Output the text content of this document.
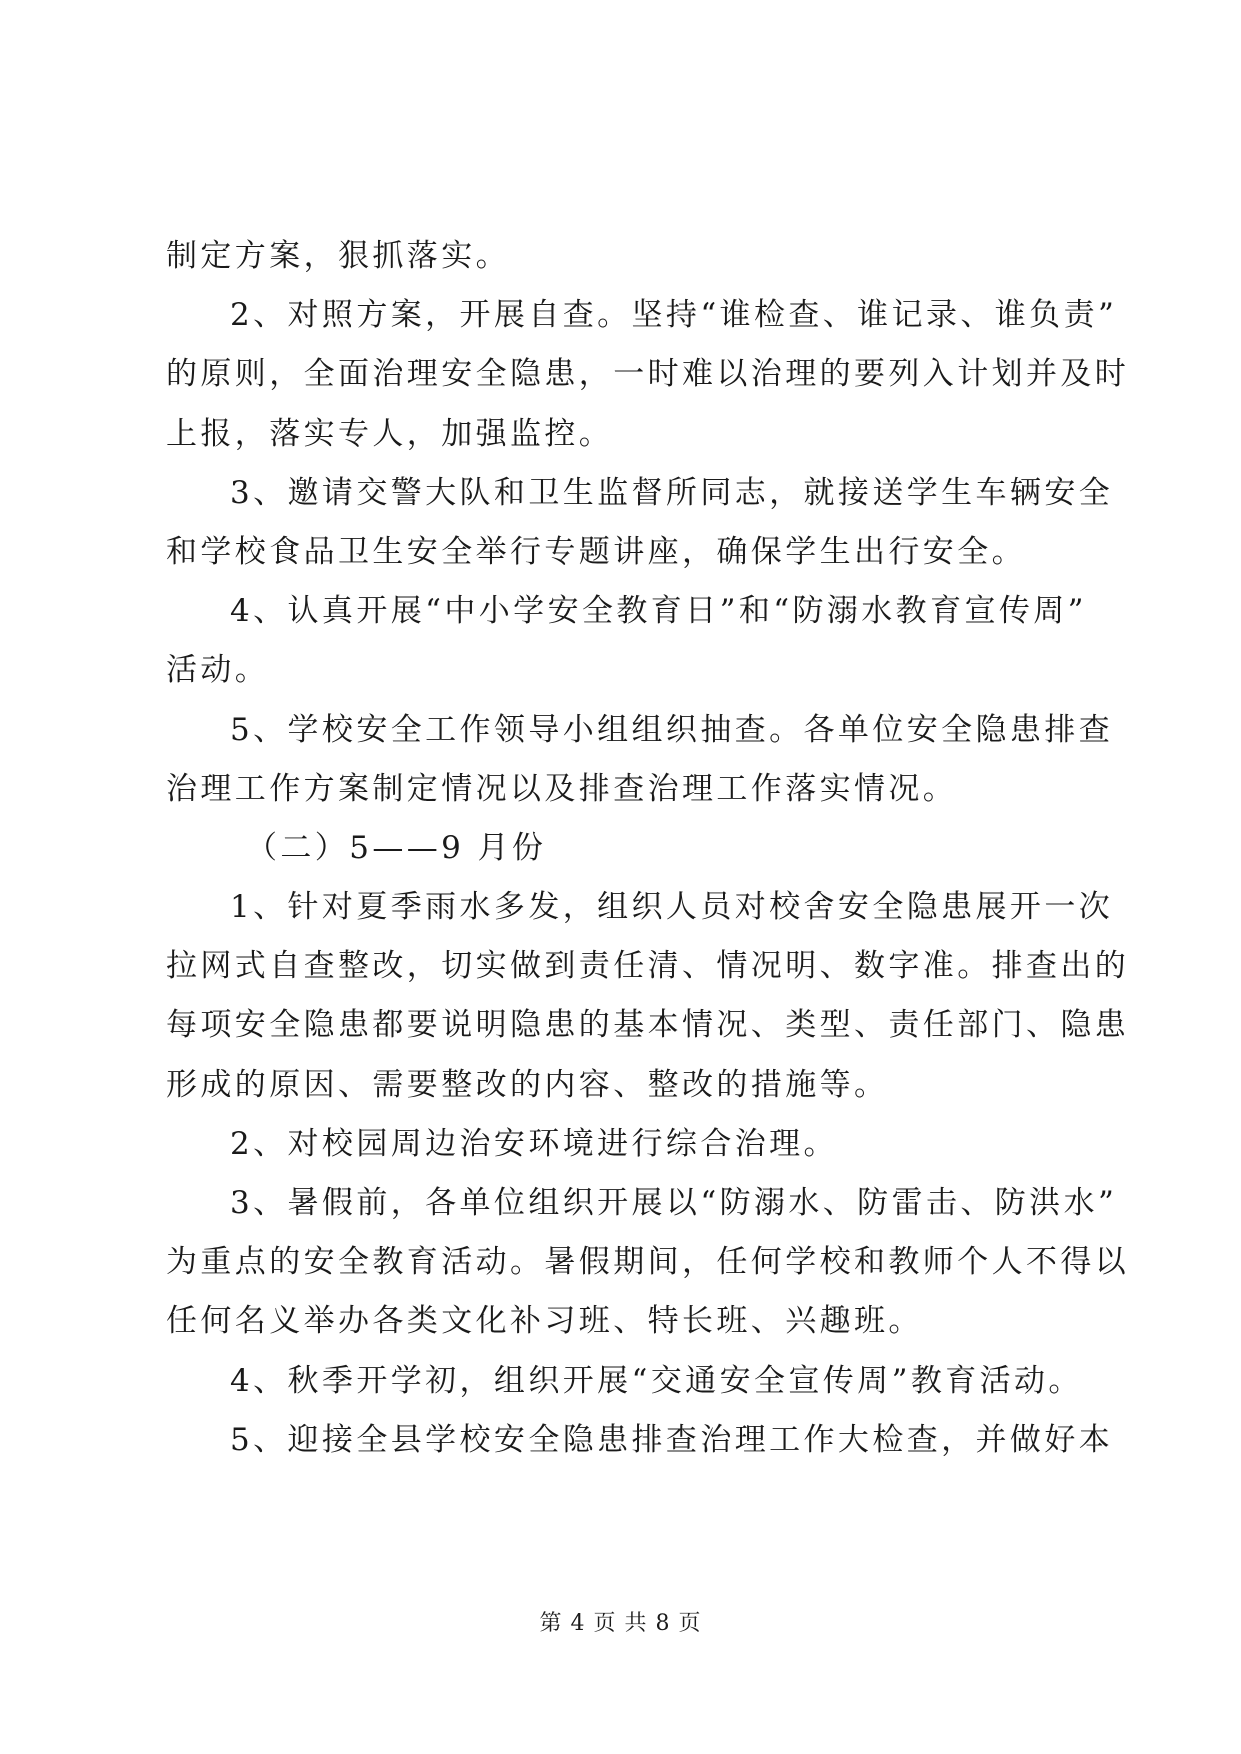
制定方案，狠抓落实。
2、对照方案，开展自查。坚持“谁检查、谁记录、谁负责”
的原则，全面治理安全隐患，一时难以治理的要列入计划并及时
上报，落实专人，加强监控。
3、邀请交警大队和卫生监督所同志，就接送学生车辆安全
和学校食品卫生安全举行专题讲座，确保学生出行安全。
4、认真开展“中小学安全教育日”和“防溺水教育宣传周”
活动。
5、学校安全工作领导小组组织抽查。各单位安全隐患排查
治理工作方案制定情况以及排查治理工作落实情况。
（二）5——9 月份
1、针对夏季雨水多发，组织人员对校舍安全隐患展开一次
拉网式自查整改，切实做到责任清、情况明、数字准。排查出的
每项安全隐患都要说明隐患的基本情况、类型、责任部门、隐患
形成的原因、需要整改的内容、整改的措施等。
2、对校园周边治安环境进行综合治理。
3、暑假前，各单位组织开展以“防溺水、防雷击、防洪水”
为重点的安全教育活动。暑假期间，任何学校和教师个人不得以
任何名义举办各类文化补习班、特长班、兴趣班。
4、秋季开学初，组织开展“交通安全宣传周”教育活动。
5、迎接全县学校安全隐患排查治理工作大检查，并做好本
第 4 页 共 8 页
